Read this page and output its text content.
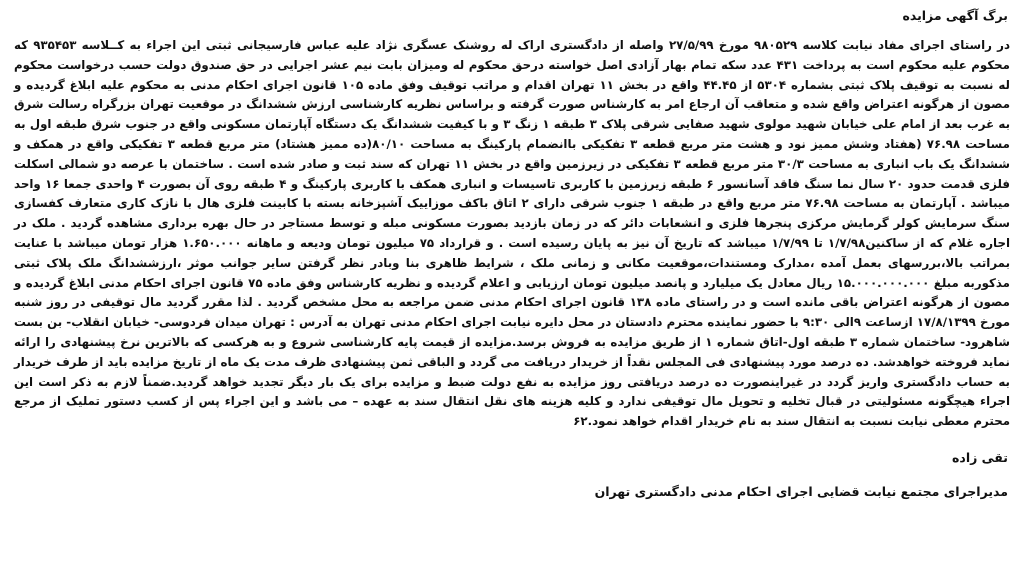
برگ آگهی مزایده

در راستای اجرای مفاد نیابت کلاسه ۹۸۰۵۲۹ مورخ ۲۷/۵/۹۹ واصله از دادگستری اراک له روشنک عسگری نژاد علیه عباس فارسیجانی ثبتی این اجراء به کــلاسه ۹۳۵۴۵۳ که محکوم علیه محکوم است به پرداخت ۴۳۱ عدد سکه تمام بهار آزادی اصل خواسته درحق محکوم له ومیزان بابت نیم عشر اجرایی در حق صندوق دولت حسب درخواست محکوم له نسبت به توقیف پلاک ثبتی بشماره ۵۳۰۴ از ۴۴.۴۵ واقع در بخش ۱۱ تهران اقدام و مراتب توقیف وفق ماده ۱۰۵ قانون اجرای احکام مدنی به محکوم علیه ابلاغ گردیده و مصون از هرگونه اعتراض واقع شده و متعاقب آن ارجاع امر به کارشناس صورت گرفته و براساس نظریه کارشناسی ارزش ششدانگ در موقعیت تهران بزرگراه رسالت شرق به غرب بعد از امام علی خیابان شهید مولوی شهید صفایی شرقی پلاک ۳ طبقه ۱ زنگ ۳ و با کیفیت ششدانگ یک دستگاه آپارتمان مسکونی واقع در جنوب شرق طبقه اول به مساحت ۷۶.۹۸ (هفتاد وشش ممیز نود و هشت متر مربع قطعه ۳ تفکیکی باانضمام پارکینگ به مساحت ۸۰/۱۰(ده ممیز هشتاد) متر مربع قطعه ۳ تفکیکی واقع در همکف و ششدانگ یک باب انباری به مساحت ۳۰/۳ متر مربع قطعه ۳ تفکیکی در زیرزمین واقع در بخش ۱۱ تهران که سند ثبت و صادر شده است . ساختمان با عرصه دو شمالی اسکلت فلزی قدمت حدود ۲۰ سال نما سنگ فاقد آسانسور ۶ طبقه زیرزمین با کاربری تاسیسات و انباری همکف با کاربری پارکینگ و ۴ طبقه روی آن بصورت ۴ واحدی جمعا ۱۶ واحد میباشد . آپارتمان به مساحت ۷۶.۹۸ متر مربع واقع در طبقه ۱ جنوب شرقی دارای ۲ اتاق باکف موزاییک آشپزخانه بسته با کابینت فلزی هال با نازک کاری متعارف کفسازی سنگ سرمایش کولر گرمایش مرکزی پنجرها فلزی و انشعابات دائر که در زمان بازدید بصورت مسکونی مبله و توسط مستاجر در حال بهره برداری مشاهده گردید . ملک در اجاره غلام که از ساکنین۱/۷/۹۸ تا ۱/۷/۹۹ میباشد که تاریخ آن نیز به پایان رسیده است . و قرارداد ۷۵ میلیون تومان ودیعه و ماهانه ۱.۶۵۰.۰۰۰ هزار تومان میباشد با عنایت بمراتب بالا،بررسهای بعمل آمده ،مدارک ومستندات،موقعیت مکانی و زمانی ملک ، شرایط ظاهری بنا وبادر نظر گرفتن سایر جوانب موثر ،ارزششدانگ ملک پلاک ثبتی مذکوربه مبلغ ۱۵.۰۰۰.۰۰۰.۰۰۰ ریال معادل یک میلیارد و پانصد میلیون تومان ارزیابی و اعلام گردیده و نظریه کارشناس وفق ماده ۷۵ قانون اجرای احکام مدنی ابلاغ گردیده و مصون از هرگونه اعتراض باقی مانده است و در راستای ماده ۱۳۸ قانون اجرای احکام مدنی ضمن مراجعه به محل مشخص گردید . لذا مقرر گردید مال توقیفی در روز شنبه مورخ ۱۷/۸/۱۳۹۹ ازساعت ۹الی ۹:۳۰ با حضور نماینده محترم دادستان در محل دایره نیابت اجرای احکام مدنی تهران به آدرس : تهران میدان فردوسی- خیابان انقلاب- بن بست شاهرود- ساختمان شماره ۳ طبقه اول-اتاق شماره ۱ از طریق مزایده به فروش برسد.مزایده از قیمت پایه کارشناسی شروع و به هرکسی که بالاترین نرخ پیشنهادی را ارائه نماید فروخته خواهدشد. ده درصد مورد پیشنهادی فی المجلس نقداً از خریدار دریافت می گردد و الباقی ثمن پیشنهادی ظرف مدت یک ماه از تاریخ مزایده باید از طرف خریدار به حساب دادگستری واریز گردد در غیراینصورت ده درصد دریافتی روز مزایده به نفع دولت ضبط و مزایده برای یک بار دیگر تجدید خواهد گردید.ضمناً لازم به ذکر است این اجراء هیچگونه مسئولیتی در قبال تخلیه و تحویل مال توقیفی ندارد و کلیه هزینه های نقل انتقال سند به عهده – می باشد و این اجراء پس از کسب دستور تملیک از مرجع محترم معطی نیابت نسبت به انتقال سند به نام خریدار اقدام خواهد نمود.۶۲

تقی زاده
مدیراجرای مجتمع نیابت قضایی اجرای احکام مدنی دادگستری تهران
